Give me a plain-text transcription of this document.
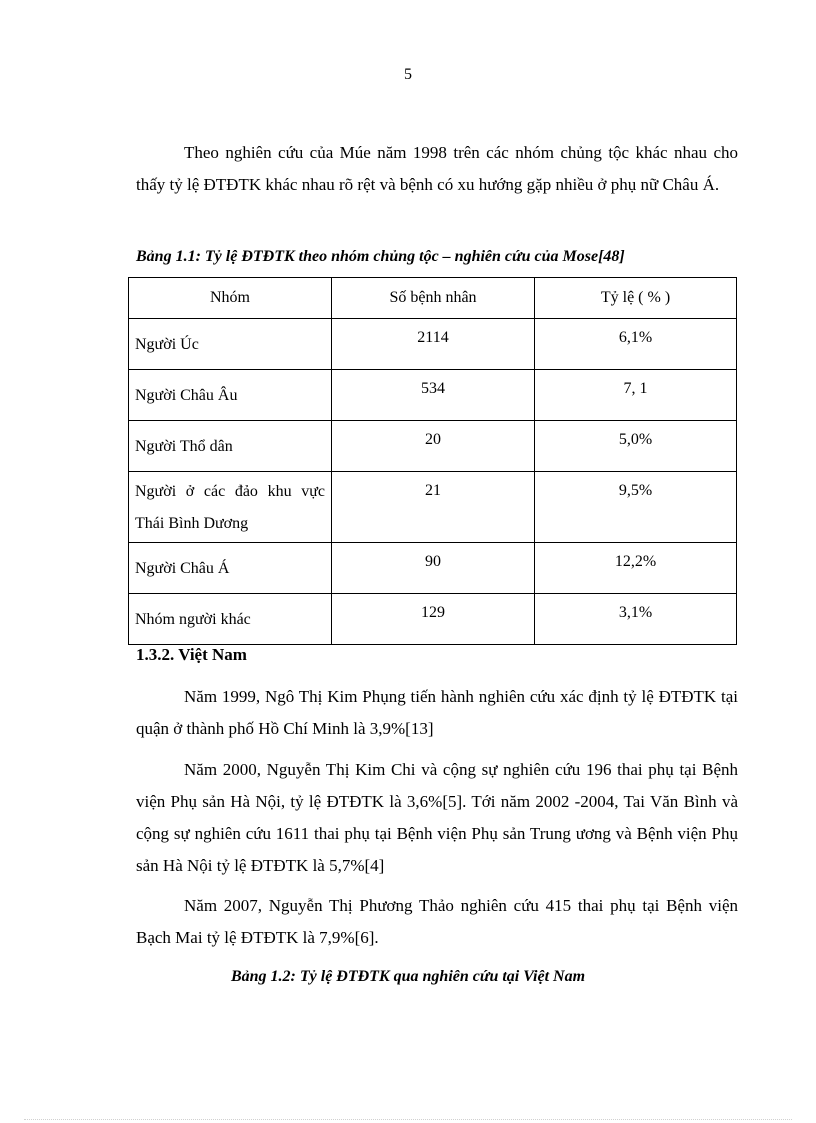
5

Theo nghiên cứu của Múe năm 1998 trên các nhóm chủng tộc khác nhau cho thấy tỷ lệ ĐTĐTK khác nhau rõ rệt và bệnh có xu hướng gặp nhiều ở phụ nữ Châu Á.

Bảng 1.1: Tỷ lệ ĐTĐTK theo nhóm chủng tộc – nghiên cứu của Mose[48]
Nhóm	Số bệnh nhân	Tỷ lệ ( % )
Người Úc	2114	6,1%
Người Châu Âu	534	7, 1
Người Thổ dân	20	5,0%
Người ở các đảo khu vực Thái Bình Dương	21	9,5%
Người Châu Á	90	12,2%
Nhóm người khác	129	3,1%
1.3.2. Việt Nam

Năm 1999, Ngô Thị Kim Phụng tiến hành nghiên cứu xác định tỷ lệ ĐTĐTK tại quận ở thành phố Hồ Chí Minh là 3,9%[13]

Năm 2000, Nguyễn Thị Kim Chi và cộng sự nghiên cứu 196 thai phụ tại Bệnh viện Phụ sản Hà Nội, tỷ lệ ĐTĐTK là 3,6%[5]. Tới năm 2002 -2004, Tai Văn Bình và cộng sự nghiên cứu 1611 thai phụ tại Bệnh viện Phụ sản Trung ương và Bệnh viện Phụ sản Hà Nội tỷ lệ ĐTĐTK là 5,7%[4]

Năm 2007, Nguyễn Thị Phương Thảo nghiên cứu 415 thai phụ tại Bệnh viện Bạch Mai tỷ lệ ĐTĐTK là 7,9%[6].

Bảng 1.2: Tỷ lệ ĐTĐTK qua nghiên cứu tại Việt Nam
